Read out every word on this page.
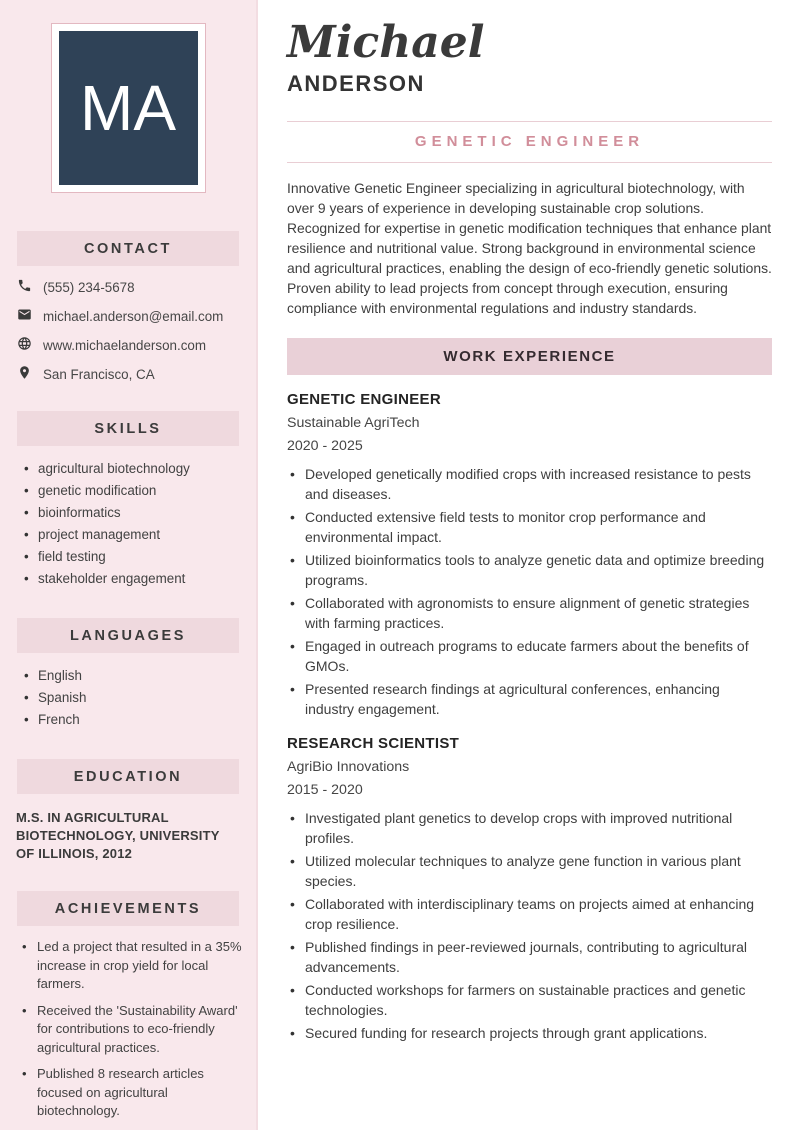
MA
CONTACT
(555) 234-5678
michael.anderson@email.com
www.michaelanderson.com
San Francisco, CA
SKILLS
• agricultural biotechnology
• genetic modification
• bioinformatics
• project management
• field testing
• stakeholder engagement
LANGUAGES
• English
• Spanish
• French
EDUCATION
M.S. IN AGRICULTURAL BIOTECHNOLOGY, UNIVERSITY OF ILLINOIS, 2012
ACHIEVEMENTS
• Led a project that resulted in a 35% increase in crop yield for local farmers.
• Received the 'Sustainability Award' for contributions to eco-friendly agricultural practices.
• Published 8 research articles focused on agricultural biotechnology.
Michael
ANDERSON
GENETIC ENGINEER

Innovative Genetic Engineer specializing in agricultural biotechnology, with over 9 years of experience in developing sustainable crop solutions. Recognized for expertise in genetic modification techniques that enhance plant resilience and nutritional value. Strong background in environmental science and agricultural practices, enabling the design of eco-friendly genetic solutions. Proven ability to lead projects from concept through execution, ensuring compliance with environmental regulations and industry standards.

WORK EXPERIENCE
GENETIC ENGINEER
Sustainable AgriTech
2020 - 2025
• Developed genetically modified crops with increased resistance to pests and diseases.
• Conducted extensive field tests to monitor crop performance and environmental impact.
• Utilized bioinformatics tools to analyze genetic data and optimize breeding programs.
• Collaborated with agronomists to ensure alignment of genetic strategies with farming practices.
• Engaged in outreach programs to educate farmers about the benefits of GMOs.
• Presented research findings at agricultural conferences, enhancing industry engagement.
RESEARCH SCIENTIST
AgriBio Innovations
2015 - 2020
• Investigated plant genetics to develop crops with improved nutritional profiles.
• Utilized molecular techniques to analyze gene function in various plant species.
• Collaborated with interdisciplinary teams on projects aimed at enhancing crop resilience.
• Published findings in peer-reviewed journals, contributing to agricultural advancements.
• Conducted workshops for farmers on sustainable practices and genetic technologies.
• Secured funding for research projects through grant applications.
